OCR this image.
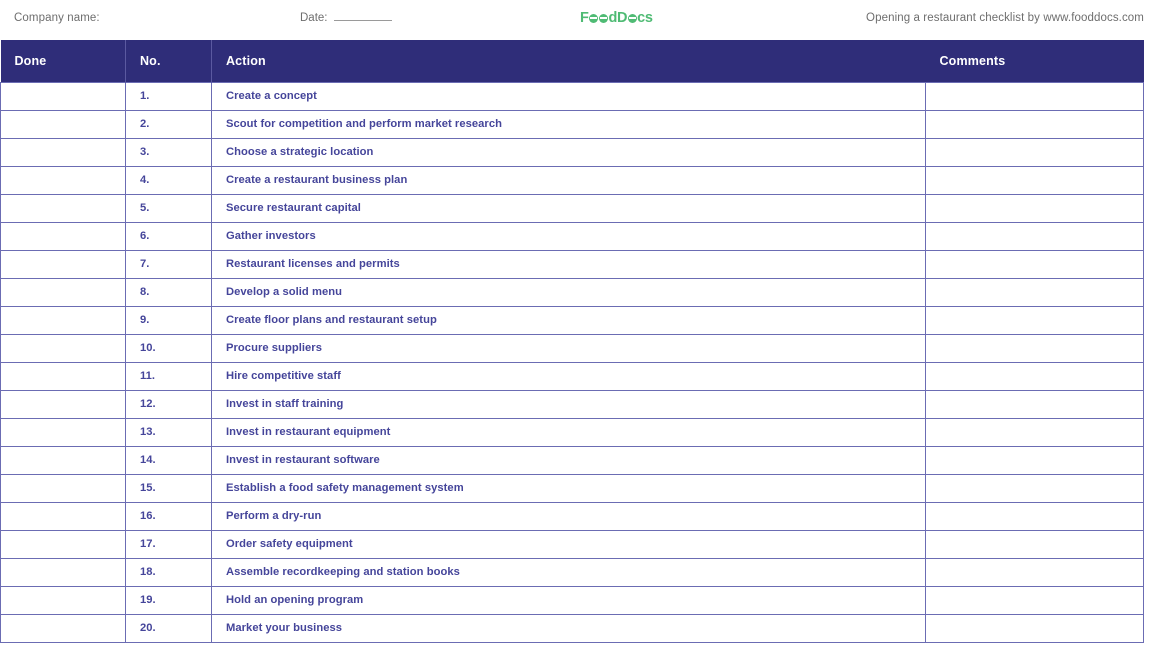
Company name:	Date:	F d D cs	Opening a restaurant checklist by www.fooddocs.com
Done	No.	Action	Comments
	1.	Create a concept	
	2.	Scout for competition and perform market research	
	3.	Choose a strategic location	
	4.	Create a restaurant business plan	
	5.	Secure restaurant capital	
	6.	Gather investors	
	7.	Restaurant licenses and permits	
	8.	Develop a solid menu	
	9.	Create floor plans and restaurant setup	
	10.	Procure suppliers	
	11.	Hire competitive staff	
	12.	Invest in staff training	
	13.	Invest in restaurant equipment	
	14.	Invest in restaurant software	
	15.	Establish a food safety management system	
	16.	Perform a dry-run	
	17.	Order safety equipment	
	18.	Assemble recordkeeping and station books	
	19.	Hold an opening program	
	20.	Market your business	
